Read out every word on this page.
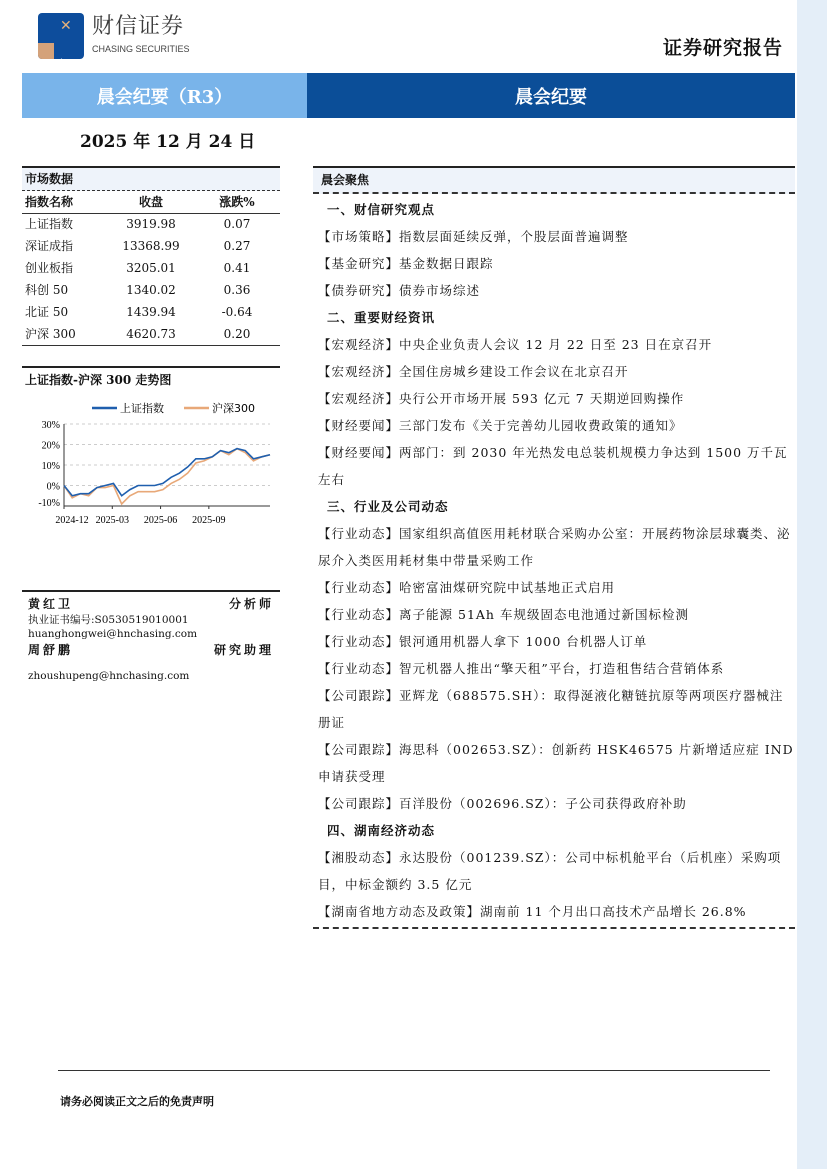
✕ 财信证券
CHASING SECURITIES	证券研究报告
晨会纪要（R3）	晨会纪要
2025 年 12 月 24 日
市场数据
指数名称	收盘	涨跌%
上证指数	3919.98	0.07
深证成指	13368.99	0.27
创业板指	3205.01	0.41
科创 50	1340.02	0.36
北证 50	1439.94	-0.64
沪深 300	4620.73	0.20
上证指数-沪深 300 走势图
30%
20%
10%
0%
-10%
2024-12 2025-03 2025-06 2025-09
上证指数	沪深300
黄红卫	分析师
执业证书编号:S0530519010001
huanghongwei@hnchasing.com
周舒鹏	研究助理
zhoushupeng@hnchasing.com
晨会聚焦
一、财信研究观点
【市场策略】指数层面延续反弹，个股层面普遍调整
【基金研究】基金数据日跟踪
【债券研究】债券市场综述
二、重要财经资讯
【宏观经济】中央企业负责人会议 12 月 22 日至 23 日在京召开
【宏观经济】全国住房城乡建设工作会议在北京召开
【宏观经济】央行公开市场开展 593 亿元 7 天期逆回购操作
【财经要闻】三部门发布《关于完善幼儿园收费政策的通知》
【财经要闻】两部门：到 2030 年光热发电总装机规模力争达到 1500 万千瓦左右
三、行业及公司动态
【行业动态】国家组织高值医用耗材联合采购办公室：开展药物涂层球囊类、泌尿介入类医用耗材集中带量采购工作
【行业动态】哈密富油煤研究院中试基地正式启用
【行业动态】离子能源 51Ah 车规级固态电池通过新国标检测
【行业动态】银河通用机器人拿下 1000 台机器人订单
【行业动态】智元机器人推出“擎天租”平台，打造租售结合营销体系
【公司跟踪】亚辉龙（688575.SH）：取得涎液化糖链抗原等两项医疗器械注册证
【公司跟踪】海思科（002653.SZ）：创新药 HSK46575 片新增适应症 IND 申请获受理
【公司跟踪】百洋股份（002696.SZ）：子公司获得政府补助
四、湖南经济动态
【湘股动态】永达股份（001239.SZ）：公司中标机舱平台（后机座）采购项目，中标金额约 3.5 亿元
【湖南省地方动态及政策】湖南前 11 个月出口高技术产品增长 26.8%
请务必阅读正文之后的免责声明
